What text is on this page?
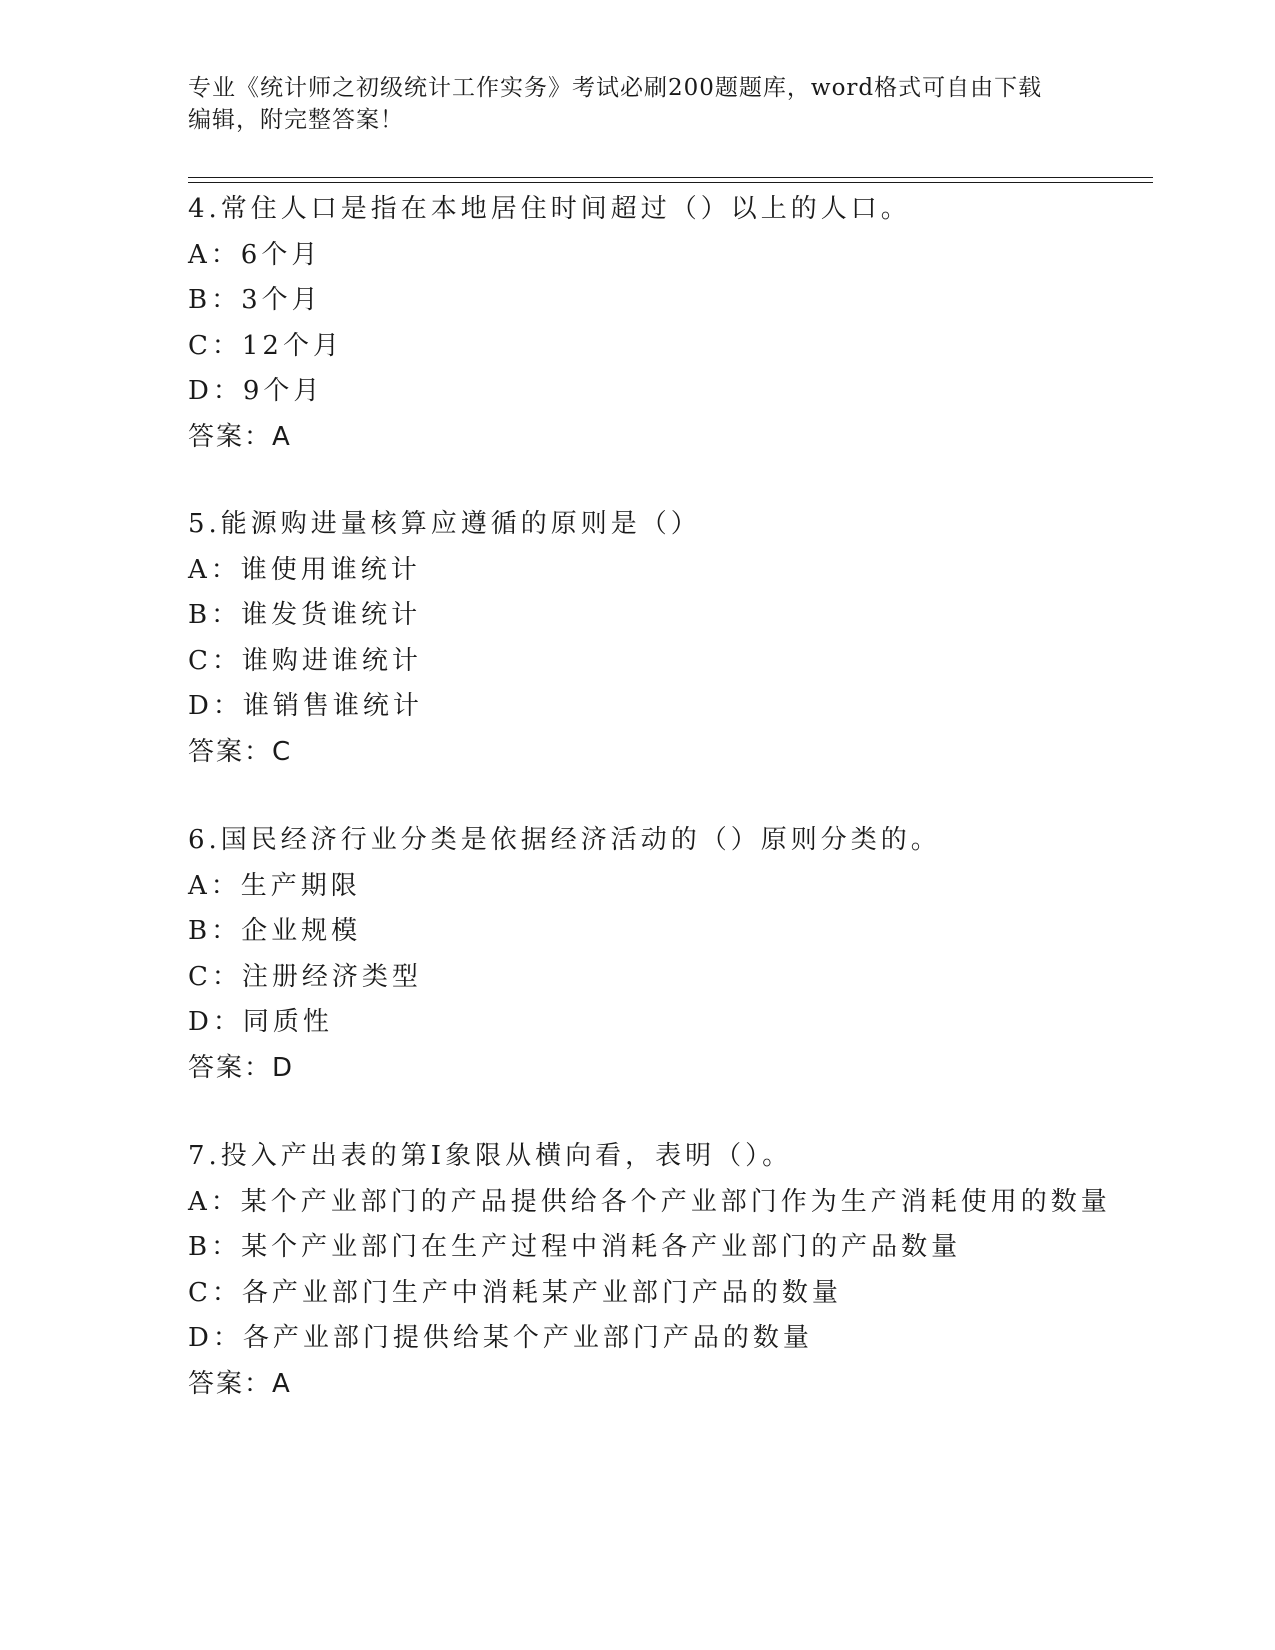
专业《统计师之初级统计工作实务》考试必刷200题题库，word格式可自由下载
编辑，附完整答案！
4.常住人口是指在本地居住时间超过（）以上的人口。
A：6个月
B：3个月
C：12个月
D：9个月
答案：A
5.能源购进量核算应遵循的原则是（）
A：谁使用谁统计
B：谁发货谁统计
C：谁购进谁统计
D：谁销售谁统计
答案：C
6.国民经济行业分类是依据经济活动的（）原则分类的。
A：生产期限
B：企业规模
C：注册经济类型
D：同质性
答案：D
7.投入产出表的第Ⅰ象限从横向看，表明（）。
A：某个产业部门的产品提供给各个产业部门作为生产消耗使用的数量
B：某个产业部门在生产过程中消耗各产业部门的产品数量
C：各产业部门生产中消耗某产业部门产品的数量
D：各产业部门提供给某个产业部门产品的数量
答案：A
